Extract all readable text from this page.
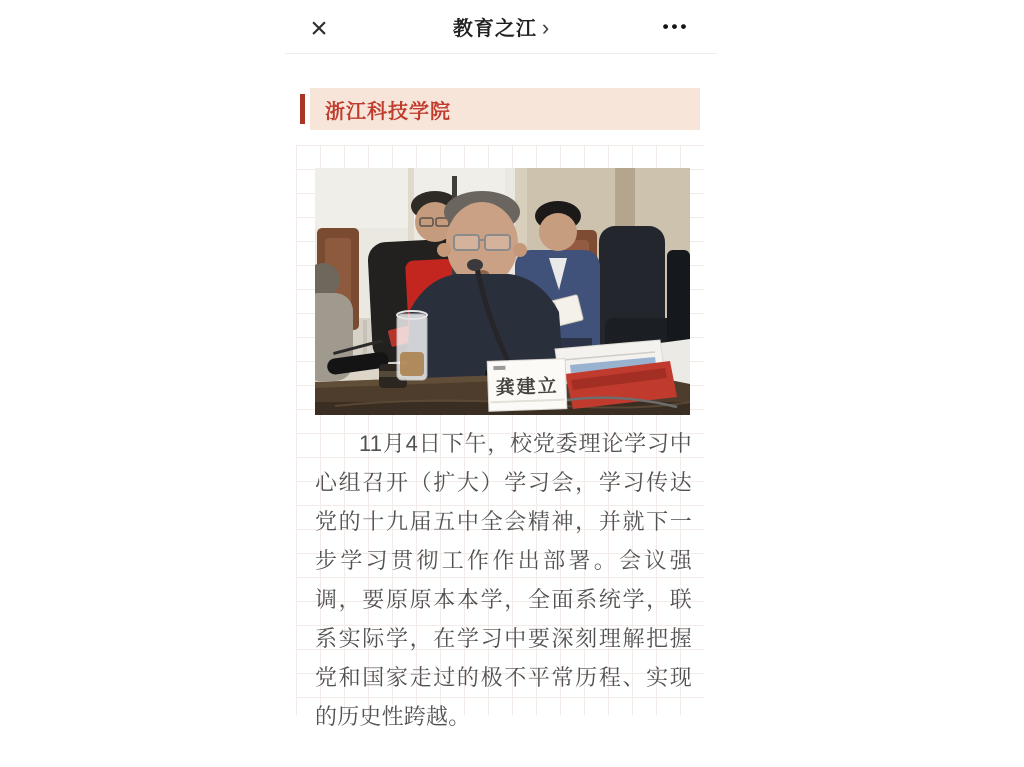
×	教育之江 ›	•••
浙江科技学院
龚建立
11月4日下午，校党委理论学习中心组召开（扩大）学习会，学习传达党的十九届五中全会精神，并就下一步学习贯彻工作作出部署。会议强调，要原原本本学，全面系统学，联系实际学，在学习中要深刻理解把握党和国家走过的极不平常历程、实现的历史性跨越。
